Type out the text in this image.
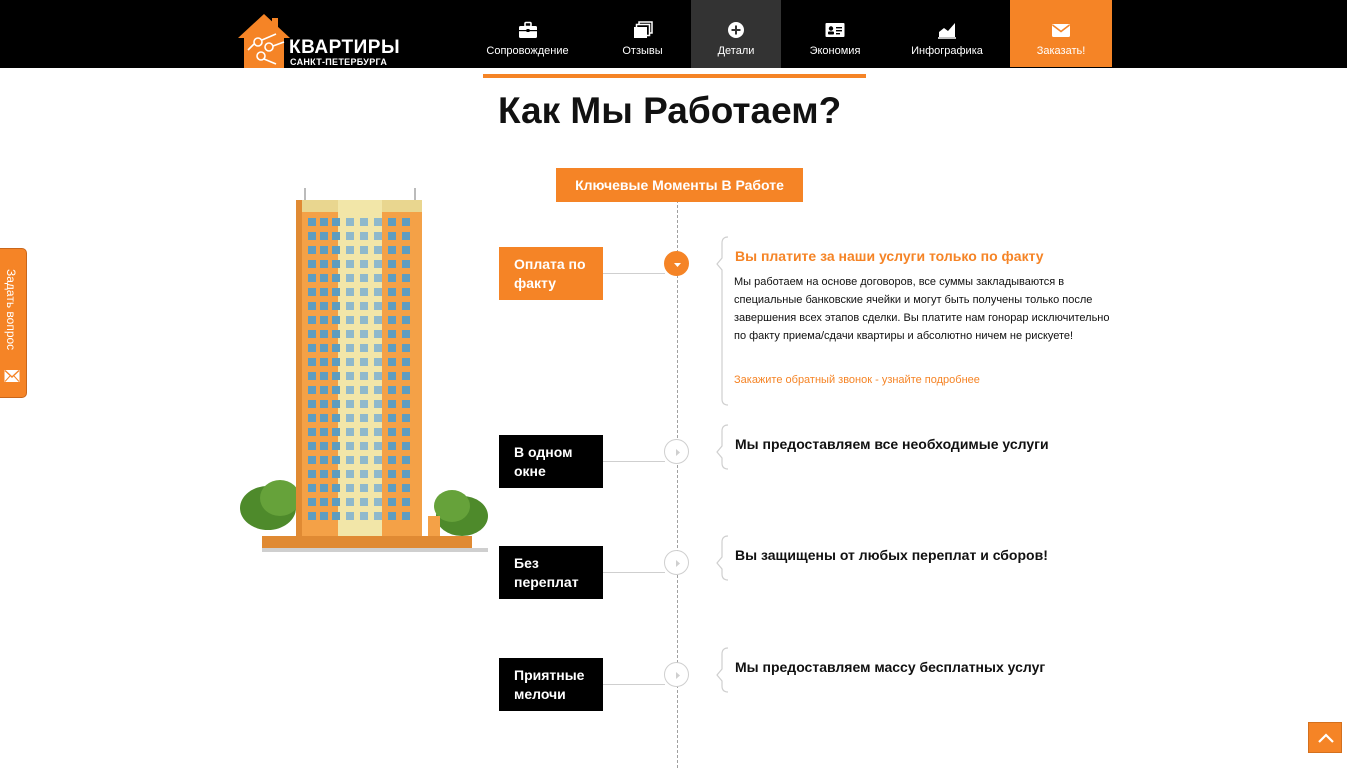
КВАРТИРЫ
САНКТ-ПЕТЕРБУРГА
Сопровождение	Отзывы	Детали	Экономия	Инфографика	Заказать!
Как Мы Работаем?
Ключевые Моменты В Работе
Оплата по факту
Вы платите за наши услуги только по факту
Мы работаем на основе договоров, все суммы закладываются в специальные банковские ячейки и могут быть получены только после завершения всех этапов сделки. Вы платите нам гонорар исключительно по факту приема/сдачи квартиры и абсолютно ничем не рискуете!
Закажите обратный звонок - узнайте подробнее
В одном окне
Мы предоставляем все необходимые услуги
Без переплат
Вы защищены от любых переплат и сборов!
Приятные мелочи
Мы предоставляем массу бесплатных услуг
Задать вопрос
